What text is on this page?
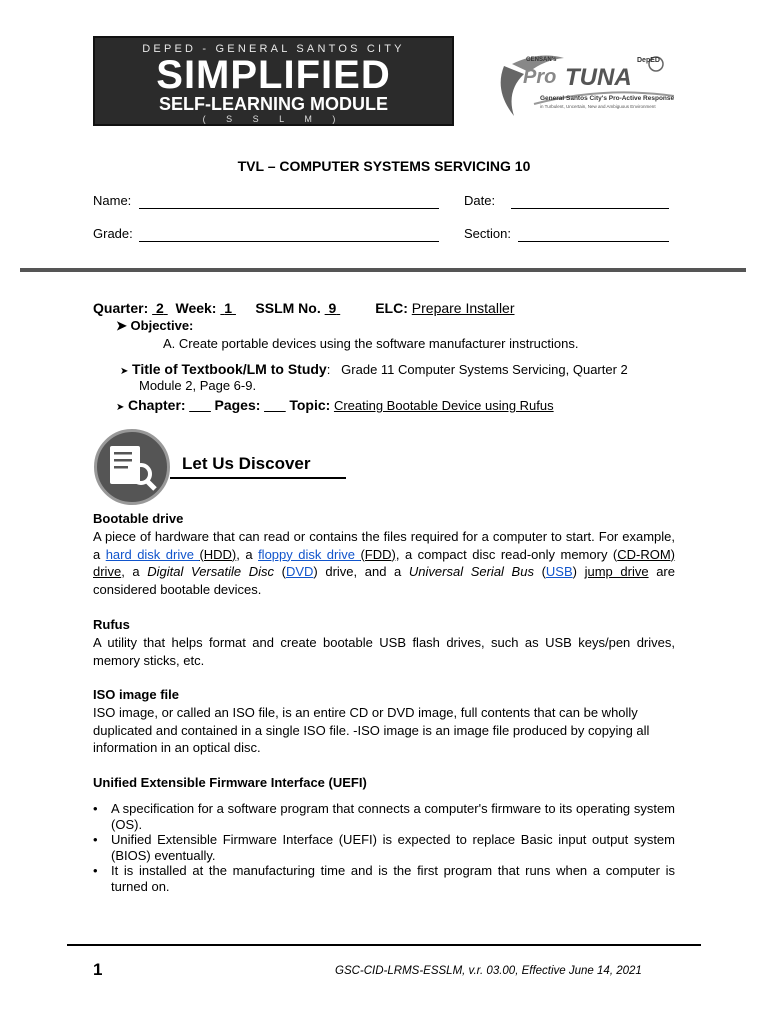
DEPED - GENERAL SANTOS CITY
SIMPLIFIED
SELF-LEARNING MODULE
( S S L M )
GENSAN's	DepED
Pro TUNA
General Santos City's Pro-Active Response
in Turbulent, Uncertain, New and Ambiguous Environment
TVL – COMPUTER SYSTEMS SERVICING 10
Name:	Date:
Grade:	Section:
Quarter: 2 Week: 1 SSLM No. 9	ELC: Prepare Installer
➤ Objective:
A. Create portable devices using the software manufacturer instructions.
➤ Title of Textbook/LM to Study:   Grade 11 Computer Systems Servicing, Quarter 2
Module 2, Page 6-9.
➤ Chapter: Pages: Topic: Creating Bootable Device using Rufus
Let Us Discover
Bootable drive
A piece of hardware that can read or contains the files required for a computer to start. For example, a hard disk drive (HDD), a floppy disk drive (FDD), a compact disc read-only memory (CD-ROM) drive, a Digital Versatile Disc (DVD) drive, and a Universal Serial Bus (USB) jump drive are considered bootable devices.
Rufus
A utility that helps format and create bootable USB flash drives, such as USB keys/pen drives, memory sticks, etc.
ISO image file
ISO image, or called an ISO file, is an entire CD or DVD image, full contents that can be wholly duplicated and contained in a single ISO file. -ISO image is an image file produced by copying all information in an optical disc.
Unified Extensible Firmware Interface (UEFI)
• A specification for a software program that connects a computer's firmware to its operating system (OS).
• Unified Extensible Firmware Interface (UEFI) is expected to replace Basic input output system (BIOS) eventually.
• It is installed at the manufacturing time and is the first program that runs when a computer is turned on.
1	GSC-CID-LRMS-ESSLM, v.r. 03.00, Effective June 14, 2021
